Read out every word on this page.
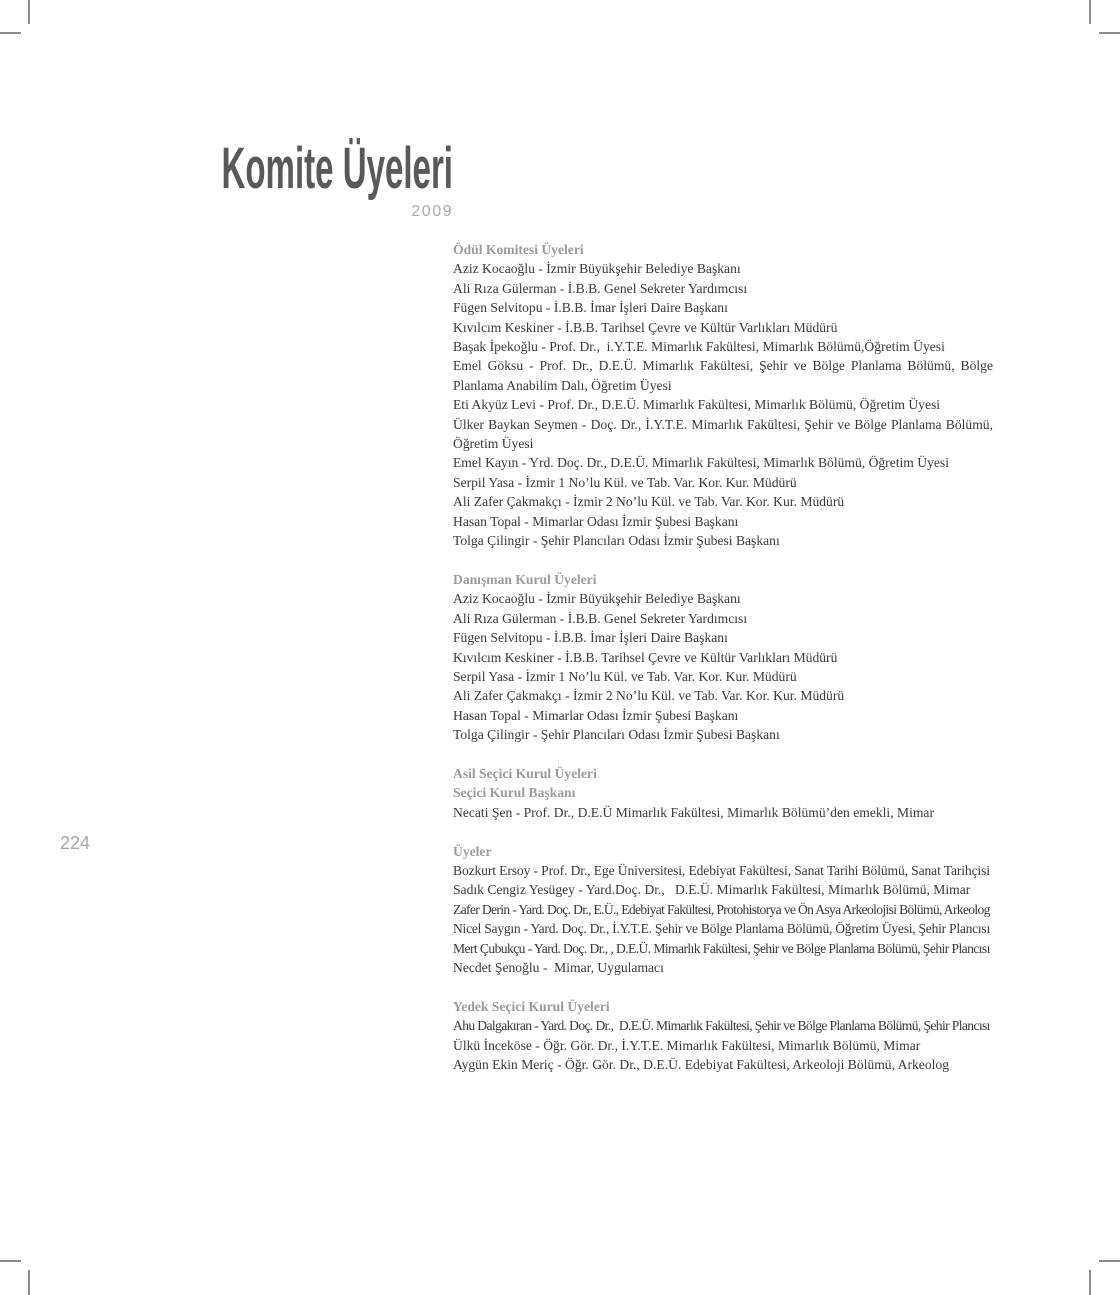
Komite Üyeleri
2009
224
Ödül Komitesi Üyeleri

Aziz Kocaoğlu - İzmir Büyükşehir Belediye Başkanı

Ali Rıza Gülerman - İ.B.B. Genel Sekreter Yardımcısı

Fügen Selvitopu - İ.B.B. İmar İşleri Daire Başkanı

Kıvılcım Keskiner - İ.B.B. Tarihsel Çevre ve Kültür Varlıkları Müdürü

Başak İpekoğlu - Prof. Dr.,  i.Y.T.E. Mimarlık Fakültesi, Mimarlık Bölümü,Öğretim Üyesi

Emel Göksu - Prof. Dr., D.E.Ü. Mimarlık Fakültesi, Şehir ve Bölge Planlama Bölümü, Bölge Planlama Anabilim Dalı, Öğretim Üyesi

Eti Akyüz Levi - Prof. Dr., D.E.Ü. Mimarlık Fakültesi, Mimarlık Bölümü, Öğretim Üyesi

Ülker Baykan Seymen - Doç. Dr., İ.Y.T.E. Mimarlık Fakültesi, Şehir ve Bölge Planlama Bölümü, Öğretim Üyesi

Emel Kayın - Yrd. Doç. Dr., D.E.Ü. Mimarlık Fakültesi, Mimarlık Bölümü, Öğretim Üyesi

Serpil Yasa - İzmir 1 No’lu Kül. ve Tab. Var. Kor. Kur. Müdürü

Ali Zafer Çakmakçı - İzmir 2 No’lu Kül. ve Tab. Var. Kor. Kur. Müdürü

Hasan Topal - Mimarlar Odası İzmir Şubesi Başkanı

Tolga Çilingir - Şehir Plancıları Odası İzmir Şubesi Başkanı

Danışman Kurul Üyeleri

Aziz Kocaoğlu - İzmir Büyükşehir Belediye Başkanı

Ali Rıza Gülerman - İ.B.B. Genel Sekreter Yardımcısı

Fügen Selvitopu - İ.B.B. İmar İşleri Daire Başkanı

Kıvılcım Keskiner - İ.B.B. Tarihsel Çevre ve Kültür Varlıkları Müdürü

Serpil Yasa - İzmir 1 No’lu Kül. ve Tab. Var. Kor. Kur. Müdürü

Ali Zafer Çakmakçı - İzmir 2 No’lu Kül. ve Tab. Var. Kor. Kur. Müdürü

Hasan Topal - Mimarlar Odası İzmir Şubesi Başkanı

Tolga Çilingir - Şehir Plancıları Odası İzmir Şubesi Başkanı

Asil Seçici Kurul Üyeleri
Seçici Kurul Başkanı

Necati Şen - Prof. Dr., D.E.Ü Mimarlık Fakültesi, Mimarlık Bölümü’den emekli, Mimar

Üyeler

Bozkurt Ersoy - Prof. Dr., Ege Üniversitesi, Edebiyat Fakültesi, Sanat Tarihi Bölümü, Sanat Tarihçisi

Sadık Cengiz Yesügey - Yard.Doç. Dr.,   D.E.Ü. Mimarlık Fakültesi, Mimarlık Bölümü, Mimar

Zafer Derin - Yard. Doç. Dr., E.Ü., Edebiyat Fakültesi, Protohistorya ve Ön Asya Arkeolojisi Bölümü, Arkeolog

Nicel Saygın - Yard. Doç. Dr., İ.Y.T.E. Şehir ve Bölge Planlama Bölümü, Öğretim Üyesi, Şehir Plancısı

Mert Çubukçu - Yard. Doç. Dr., , D.E.Ü. Mimarlık Fakültesi, Şehir ve Bölge Planlama Bölümü, Şehir Plancısı

Necdet Şenoğlu -  Mimar, Uygulamacı

Yedek Seçici Kurul Üyeleri

Ahu Dalgakıran - Yard. Doç. Dr.,  D.E.Ü. Mimarlık Fakültesi, Şehir ve Bölge Planlama Bölümü, Şehir Plancısı

Ülkü İnceköse - Öğr. Gör. Dr., İ.Y.T.E. Mimarlık Fakültesi, Mimarlık Bölümü, Mimar

Aygün Ekin Meriç - Öğr. Gör. Dr., D.E.Ü. Edebiyat Fakültesi, Arkeoloji Bölümü, Arkeolog
